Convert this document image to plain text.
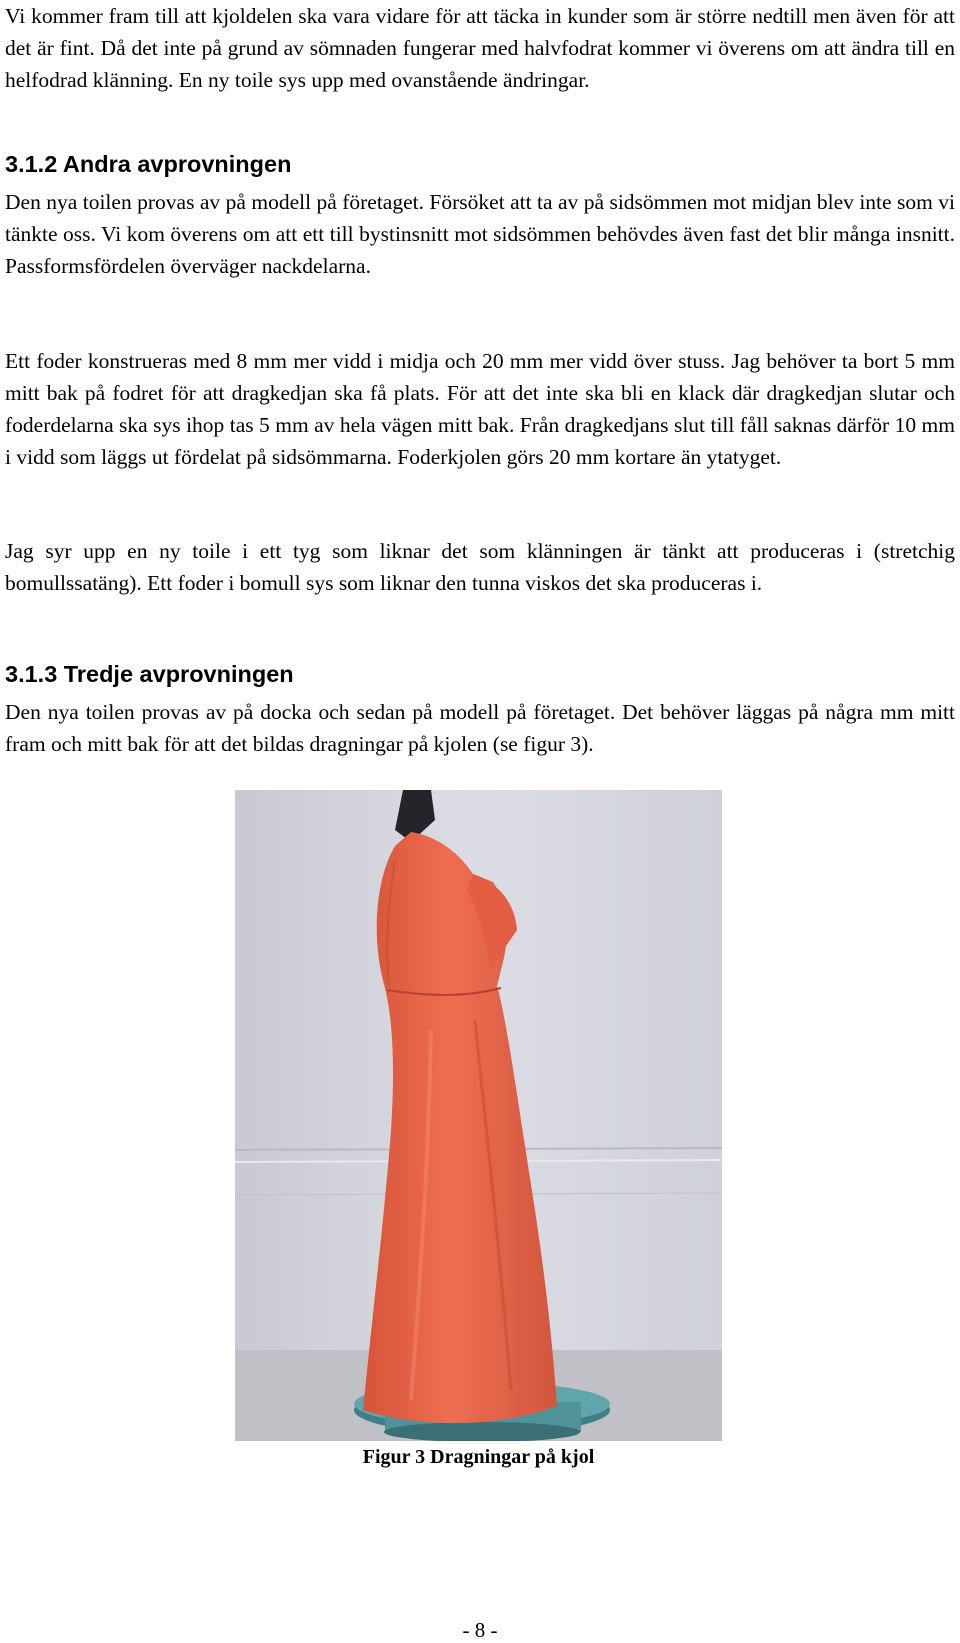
Vi kommer fram till att kjoldelen ska vara vidare för att täcka in kunder som är större nedtill men även för att det är fint. Då det inte på grund av sömnaden fungerar med halvfodrat kommer vi överens om att ändra till en helfodrad klänning. En ny toile sys upp med ovanstående ändringar.

3.1.2 Andra avprovningen

Den nya toilen provas av på modell på företaget. Försöket att ta av på sidsömmen mot midjan blev inte som vi tänkte oss. Vi kom överens om att ett till bystinsnitt mot sidsömmen behövdes även fast det blir många insnitt. Passformsfördelen överväger nackdelarna.

Ett foder konstrueras med 8 mm mer vidd i midja och 20 mm mer vidd över stuss. Jag behöver ta bort 5 mm mitt bak på fodret för att dragkedjan ska få plats. För att det inte ska bli en klack där dragkedjan slutar och foderdelarna ska sys ihop tas 5 mm av hela vägen mitt bak. Från dragkedjans slut till fåll saknas därför 10 mm i vidd som läggs ut fördelat på sidsömmarna. Foderkjolen görs 20 mm kortare än ytatyget.

Jag syr upp en ny toile i ett tyg som liknar det som klänningen är tänkt att produceras i (stretchig bomullssatäng). Ett foder i bomull sys som liknar den tunna viskos det ska produceras i.

3.1.3 Tredje avprovningen

Den nya toilen provas av på docka och sedan på modell på företaget. Det behöver läggas på några mm mitt fram och mitt bak för att det bildas dragningar på kjolen (se figur 3).

Figur 3 Dragningar på kjol
- 8 -
